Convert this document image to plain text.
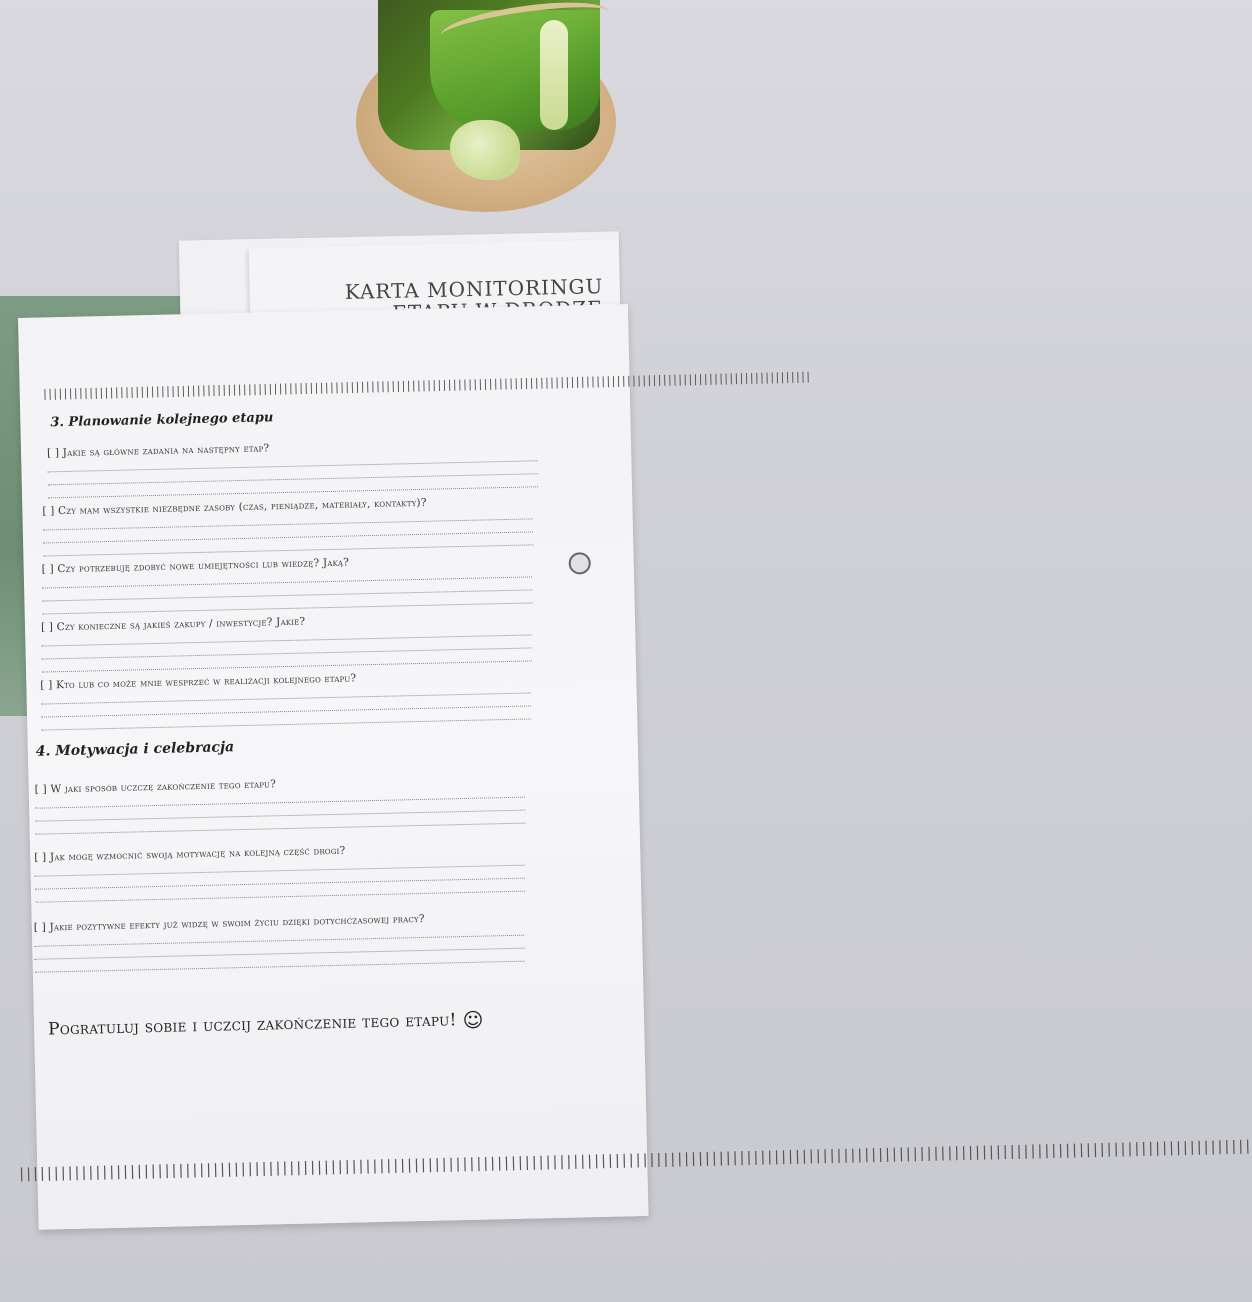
KARTA MONITORINGU
||||||||||||||||||||||||||||||||||||||||||||||||||||||||||||||||||||||||||||||||||||||||||||||||||||||||||||||||||||||||||||||||||||||||||||||||||||||
3. Planowanie kolejnego etapu
[ ] Jakie są główne zadania na następny etap?
[ ] Czy mam wszystkie niezbędne zasoby (czas, pieniądze, materiały, kontakty)?
[ ] Czy potrzebuję zdobyć nowe umiejętności lub wiedzę? Jaką?
[ ] Czy konieczne są jakieś zakupy / inwestycje? Jakie?
[ ] Kto lub co może mnie wesprzeć w realizacji kolejnego etapu?
4. Motywacja i celebracja
[ ] W jaki sposób uczczę zakończenie tego etapu?
[ ] Jak mogę wzmocnić swoją motywację na kolejną część drogi?
[ ] Jakie pozytywne efekty już widzę w swoim życiu dzięki dotychczasowej pracy?
Pogratuluj sobie i uczcij zakończenie tego etapu! ☺
||||||||||||||||||||||||||||||||||||||||||||||||||||||||||||||||||||||||||||||||||||||||||||||||||||||||||||||||||||||||||||||||||||||||||||||||||||||||||||||||||||||||||||||||||
